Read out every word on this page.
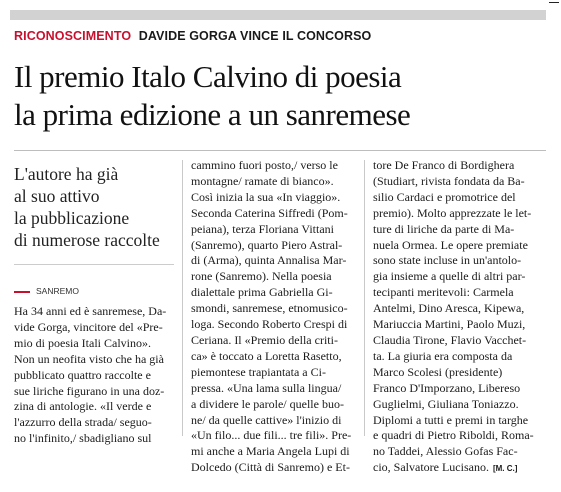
RICONOSCIMENTO DAVIDE GORGA VINCE IL CONCORSO
Il premio Italo Calvino di poesia
la prima edizione a un sanremese
L'autore ha già
al suo attivo
la pubblicazione
di numerose raccolte
SANREMO
Ha 34 anni ed è sanremese, Da-
vide Gorga, vincitore del «Pre-
mio di poesia Itali Calvino».
Non un neofita visto che ha già
pubblicato quattro raccolte e
sue liriche figurano in una doz-
zina di antologie. «Il verde e
l'azzurro della strada/ seguo-
no l'infinito,/ sbadigliano sul
cammino fuori posto,/ verso le
montagne/ ramate di bianco».
Così inizia la sua «In viaggio».
Seconda Caterina Siffredi (Pom-
peiana), terza Floriana Vittani
(Sanremo), quarto Piero Astral-
di (Arma), quinta Annalisa Mar-
rone (Sanremo). Nella poesia
dialettale prima Gabriella Gi-
smondi, sanremese, etnomusico-
loga. Secondo Roberto Crespi di
Ceriana. Il «Premio della criti-
ca» è toccato a Loretta Rasetto,
piemontese trapiantata a Ci-
pressa. «Una lama sulla lingua/
a dividere le parole/ quelle buo-
ne/ da quelle cattive» l'inizio di
«Un filo... due fili... tre fili». Pre-
mi anche a Maria Angela Lupi di
Dolcedo (Città di Sanremo) e Et-
tore De Franco di Bordighera
(Studiart, rivista fondata da Ba-
silio Cardaci e promotrice del
premio). Molto apprezzate le let-
ture di liriche da parte di Ma-
nuela Ormea. Le opere premiate
sono state incluse in un'antolo-
gia insieme a quelle di altri par-
tecipanti meritevoli: Carmela
Antelmi, Dino Aresca, Kipewa,
Mariuccia Martini, Paolo Muzi,
Claudia Tirone, Flavio Vacchet-
ta. La giuria era composta da
Marco Scolesi (presidente)
Franco D'Imporzano, Libereso
Guglielmi, Giuliana Toniazzo.
Diplomi a tutti e premi in targhe
e quadri di Pietro Riboldi, Roma-
no Taddei, Alessio Gofas Fac-
cio, Salvatore Lucisano. [M. C.]
